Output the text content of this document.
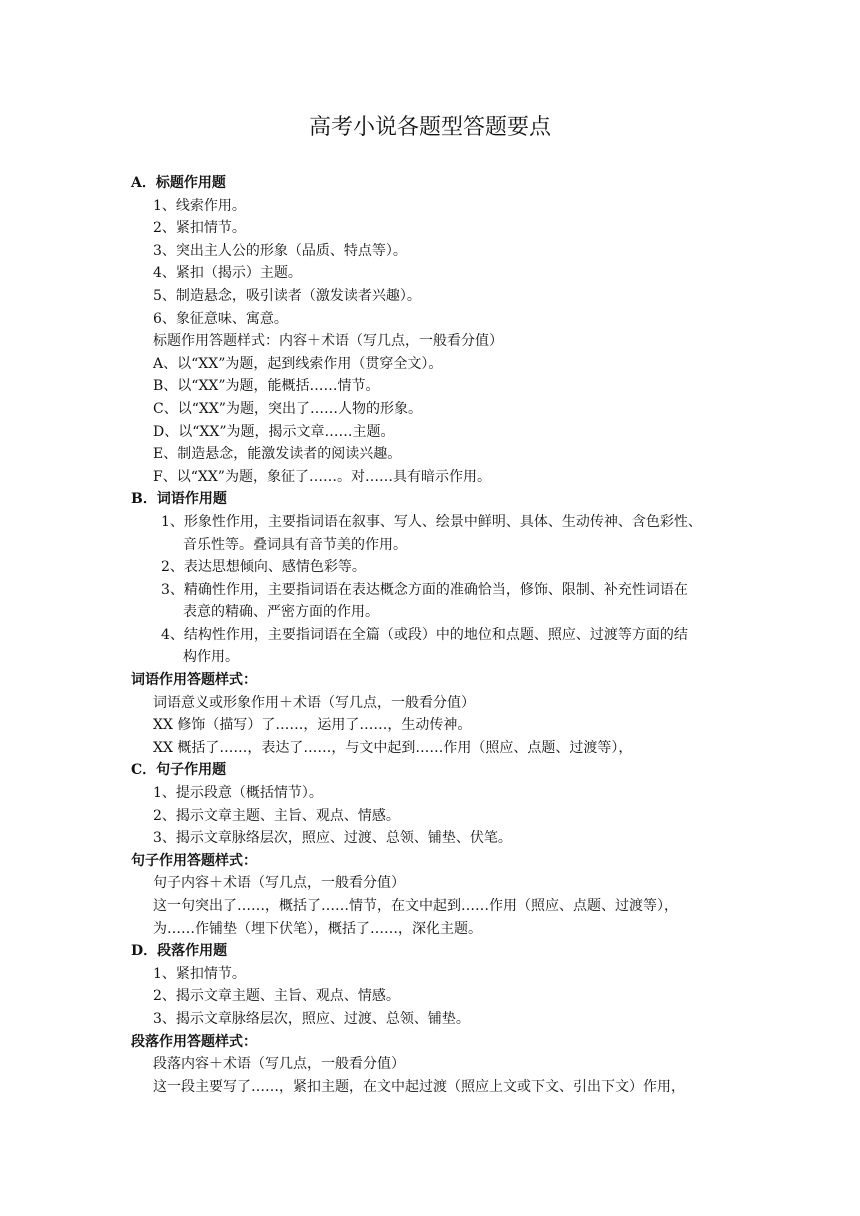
高考小说各题型答题要点
A．标题作用题
1、线索作用。
2、紧扣情节。
3、突出主人公的形象（品质、特点等）。
4、紧扣（揭示）主题。
5、制造悬念，吸引读者（激发读者兴趣）。
6、象征意味、寓意。
标题作用答题样式：内容＋术语（写几点，一般看分值）
A、以“XX”为题，起到线索作用（贯穿全文）。
B、以“XX”为题，能概括……情节。
C、以“XX”为题，突出了……人物的形象。
D、以“XX”为题，揭示文章……主题。
E、制造悬念，能激发读者的阅读兴趣。
F、以“XX”为题，象征了……。对……具有暗示作用。
B．词语作用题
1、形象性作用，主要指词语在叙事、写人、绘景中鲜明、具体、生动传神、含色彩性、
音乐性等。叠词具有音节美的作用。
2、表达思想倾向、感情色彩等。
3、精确性作用，主要指词语在表达概念方面的准确恰当，修饰、限制、补充性词语在
表意的精确、严密方面的作用。
4、结构性作用，主要指词语在全篇（或段）中的地位和点题、照应、过渡等方面的结
构作用。
词语作用答题样式：
词语意义或形象作用＋术语（写几点，一般看分值）
XX 修饰（描写）了……，运用了……，生动传神。
XX 概括了……，表达了……，与文中起到……作用（照应、点题、过渡等），
C．句子作用题
1、提示段意（概括情节）。
2、揭示文章主题、主旨、观点、情感。
3、揭示文章脉络层次，照应、过渡、总领、铺垫、伏笔。
句子作用答题样式：
句子内容＋术语（写几点，一般看分值）
这一句突出了……，概括了……情节，在文中起到……作用（照应、点题、过渡等），
为……作铺垫（埋下伏笔），概括了……，深化主题。
D．段落作用题
1、紧扣情节。
2、揭示文章主题、主旨、观点、情感。
3、揭示文章脉络层次，照应、过渡、总领、铺垫。
段落作用答题样式：
段落内容＋术语（写几点，一般看分值）
这一段主要写了……，紧扣主题，在文中起过渡（照应上文或下文、引出下文）作用，
